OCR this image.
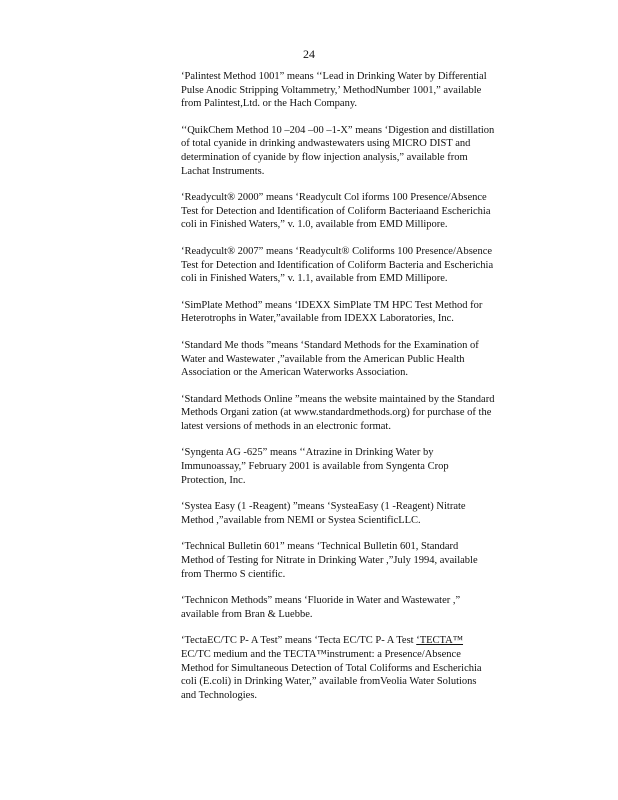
24
‘Palintest Method 1001” means ‘‘Lead in Drinking Water by Differential
Pulse Anodic Stripping Voltammetry,’ MethodNumber 1001,” available
from Palintest,Ltd. or the Hach Company.
‘‘QuikChem Method 10 –204 –00 –1-X” means ‘Digestion and distillation
of total cyanide in drinking andwastewaters using MICRO DIST and
determination of cyanide by flow injection analysis,” available from
Lachat Instruments.
‘Readycult® 2000” means ‘Readycult Col iforms 100 Presence/Absence
Test for Detection and Identification of Coliform Bacteriaand Escherichia
coli in Finished Waters,” v. 1.0, available from EMD Millipore.
‘Readycult® 2007” means ‘Readycult® Coliforms 100 Presence/Absence
Test for Detection and Identification of Coliform Bacteria and Escherichia
coli in Finished Waters,” v. 1.1, available from EMD Millipore.
‘SimPlate Method” means ‘IDEXX SimPlate TM HPC Test Method for
Heterotrophs in Water,”available from IDEXX Laboratories, Inc.
‘Standard Me thods ”means ‘Standard Methods for the Examination of
Water and Wastewater ,”available from the American Public Health
Association or the American Waterworks Association.
‘Standard Methods Online ”means the website maintained by the Standard
Methods Organi zation (at www.standardmethods.org) for purchase of the
latest versions of methods in an electronic format.
‘Syngenta AG -625” means ‘‘Atrazine in Drinking Water by
Immunoassay,” February 2001 is available from Syngenta Crop
Protection, Inc.
‘Systea Easy (1 -Reagent) ”means ‘SysteaEasy (1 -Reagent) Nitrate
Method ,”available from NEMI or Systea ScientificLLC.
‘Technical Bulletin 601” means ‘Technical Bulletin 601, Standard
Method of Testing for Nitrate in Drinking Water ,”July 1994, available
from Thermo S cientific.
‘Technicon Methods” means ‘Fluoride in Water and Wastewater ,”
available from Bran & Luebbe.
‘TectaEC/TC P- A Test” means ‘Tecta EC/TC P- A Test ‘TECTA™
EC/TC medium and the TECTA™instrument: a Presence/Absence
Method for Simultaneous Detection of Total Coliforms and Escherichia
coli (E.coli) in Drinking Water,” available fromVeolia Water Solutions
and Technologies.
